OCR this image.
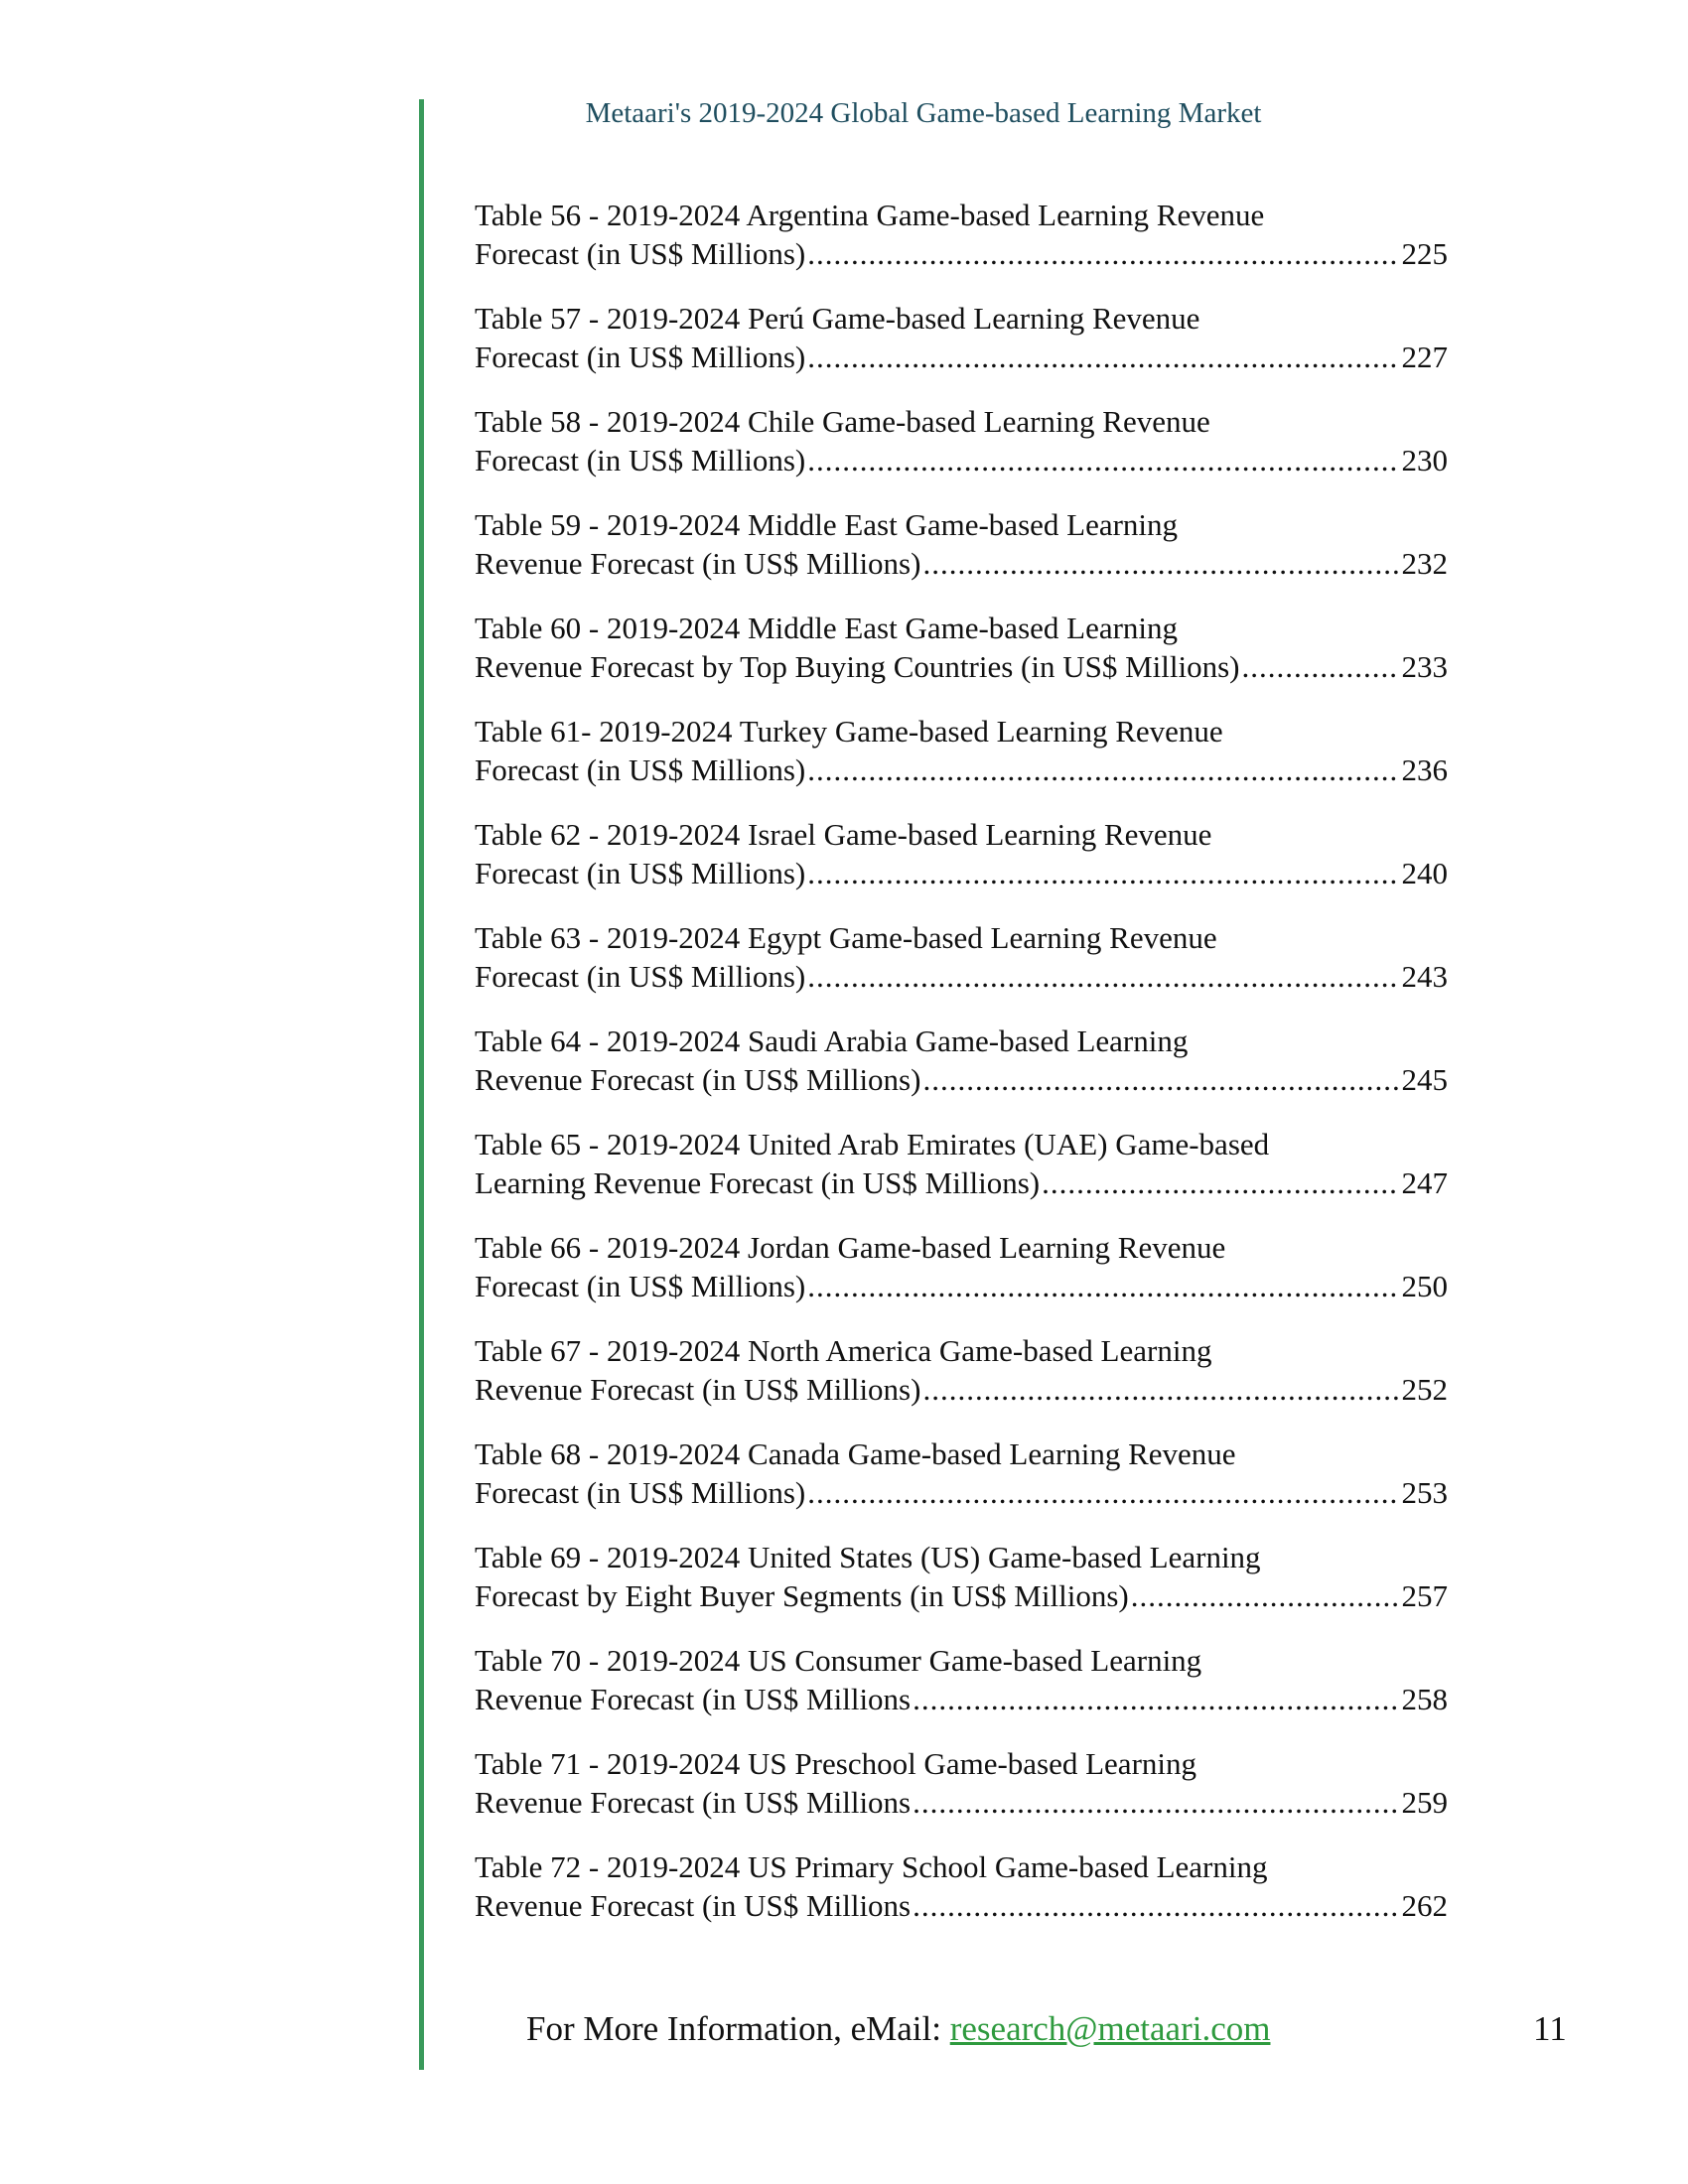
Metaari's 2019-2024 Global Game-based Learning Market
Table 56 - 2019-2024 Argentina Game-based Learning Revenue
Forecast (in US$ Millions) .....	225
Table 57 - 2019-2024 Perú Game-based Learning Revenue
Forecast (in US$ Millions) .....	227
Table 58 - 2019-2024 Chile Game-based Learning Revenue
Forecast (in US$ Millions) .....	230
Table 59 - 2019-2024 Middle East Game-based Learning
Revenue Forecast (in US$ Millions) .....	232
Table 60 - 2019-2024 Middle East Game-based Learning
Revenue Forecast by Top Buying Countries (in US$ Millions) .....	233
Table 61- 2019-2024 Turkey Game-based Learning Revenue
Forecast (in US$ Millions) .....	236
Table 62 - 2019-2024 Israel Game-based Learning Revenue
Forecast (in US$ Millions) .....	240
Table 63 - 2019-2024 Egypt Game-based Learning Revenue
Forecast (in US$ Millions) .....	243
Table 64 - 2019-2024 Saudi Arabia Game-based Learning
Revenue Forecast (in US$ Millions) .....	245
Table 65 - 2019-2024 United Arab Emirates (UAE) Game-based
Learning Revenue Forecast (in US$ Millions) .....	247
Table 66 - 2019-2024 Jordan Game-based Learning Revenue
Forecast (in US$ Millions) .....	250
Table 67 - 2019-2024 North America Game-based Learning
Revenue Forecast (in US$ Millions) .....	252
Table 68 - 2019-2024 Canada Game-based Learning Revenue
Forecast (in US$ Millions) .....	253
Table 69 - 2019-2024 United States (US) Game-based Learning
Forecast by Eight Buyer Segments (in US$ Millions) .....	257
Table 70 - 2019-2024 US Consumer Game-based Learning
Revenue Forecast (in US$ Millions .....	258
Table 71 - 2019-2024 US Preschool Game-based Learning
Revenue Forecast (in US$ Millions .....	259
Table 72 - 2019-2024 US Primary School Game-based Learning
Revenue Forecast (in US$ Millions .....	262
For More Information, eMail: research@metaari.com	11
